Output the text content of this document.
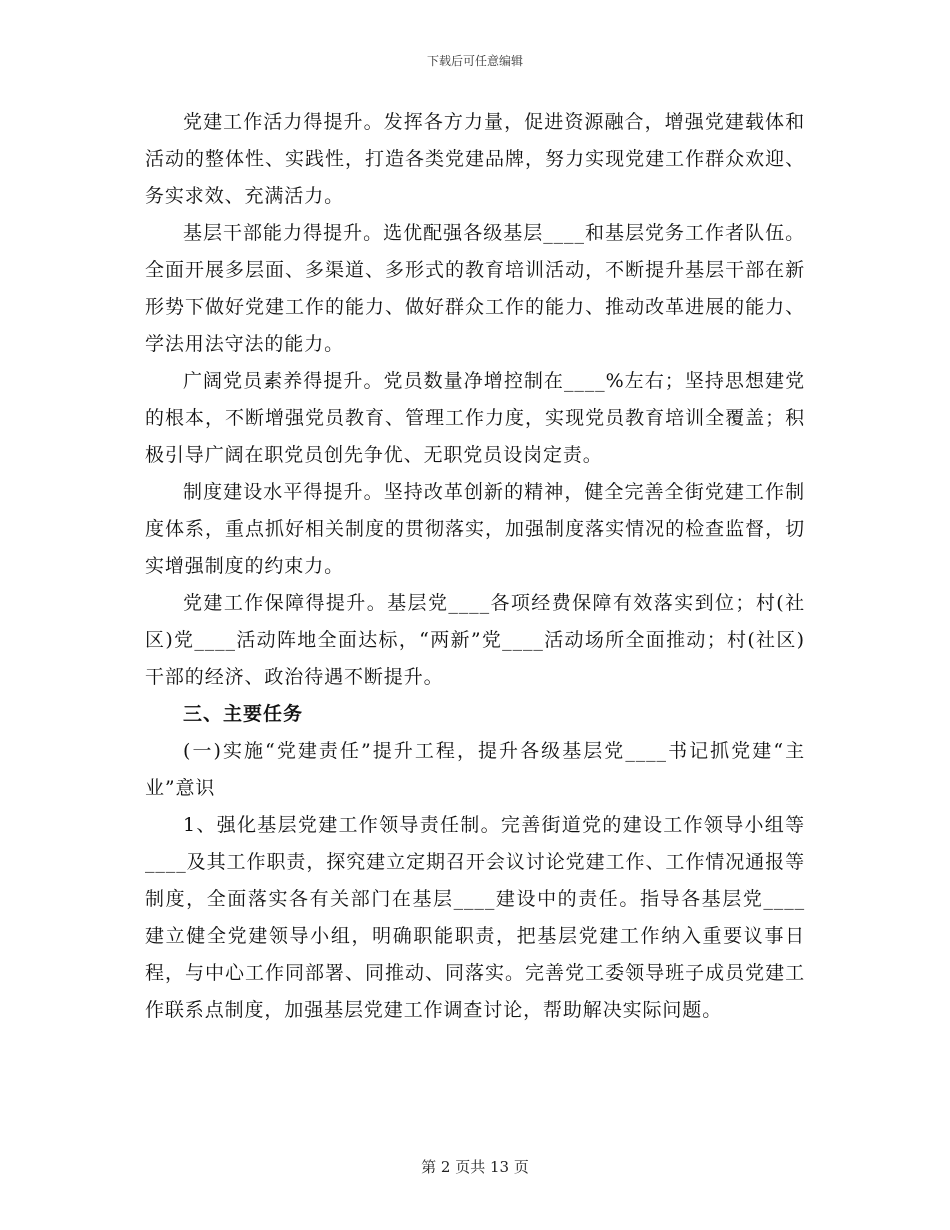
下载后可任意编辑

党建工作活力得提升。发挥各方力量，促进资源融合，增强党建载体和活动的整体性、实践性，打造各类党建品牌，努力实现党建工作群众欢迎、务实求效、充满活力。

基层干部能力得提升。选优配强各级基层____和基层党务工作者队伍。全面开展多层面、多渠道、多形式的教育培训活动，不断提升基层干部在新形势下做好党建工作的能力、做好群众工作的能力、推动改革进展的能力、学法用法守法的能力。

广阔党员素养得提升。党员数量净增控制在____%左右；坚持思想建党的根本，不断增强党员教育、管理工作力度，实现党员教育培训全覆盖；积极引导广阔在职党员创先争优、无职党员设岗定责。

制度建设水平得提升。坚持改革创新的精神，健全完善全街党建工作制度体系，重点抓好相关制度的贯彻落实，加强制度落实情况的检查监督，切实增强制度的约束力。

党建工作保障得提升。基层党____各项经费保障有效落实到位；村(社区)党____活动阵地全面达标，“两新”党____活动场所全面推动；村(社区)干部的经济、政治待遇不断提升。

三、主要任务

(一)实施“党建责任”提升工程，提升各级基层党____书记抓党建“主业”意识

1、强化基层党建工作领导责任制。完善街道党的建设工作领导小组等____及其工作职责，探究建立定期召开会议讨论党建工作、工作情况通报等制度，全面落实各有关部门在基层____建设中的责任。指导各基层党____建立健全党建领导小组，明确职能职责，把基层党建工作纳入重要议事日程，与中心工作同部署、同推动、同落实。完善党工委领导班子成员党建工作联系点制度，加强基层党建工作调查讨论，帮助解决实际问题。

第 2 页共 13 页
